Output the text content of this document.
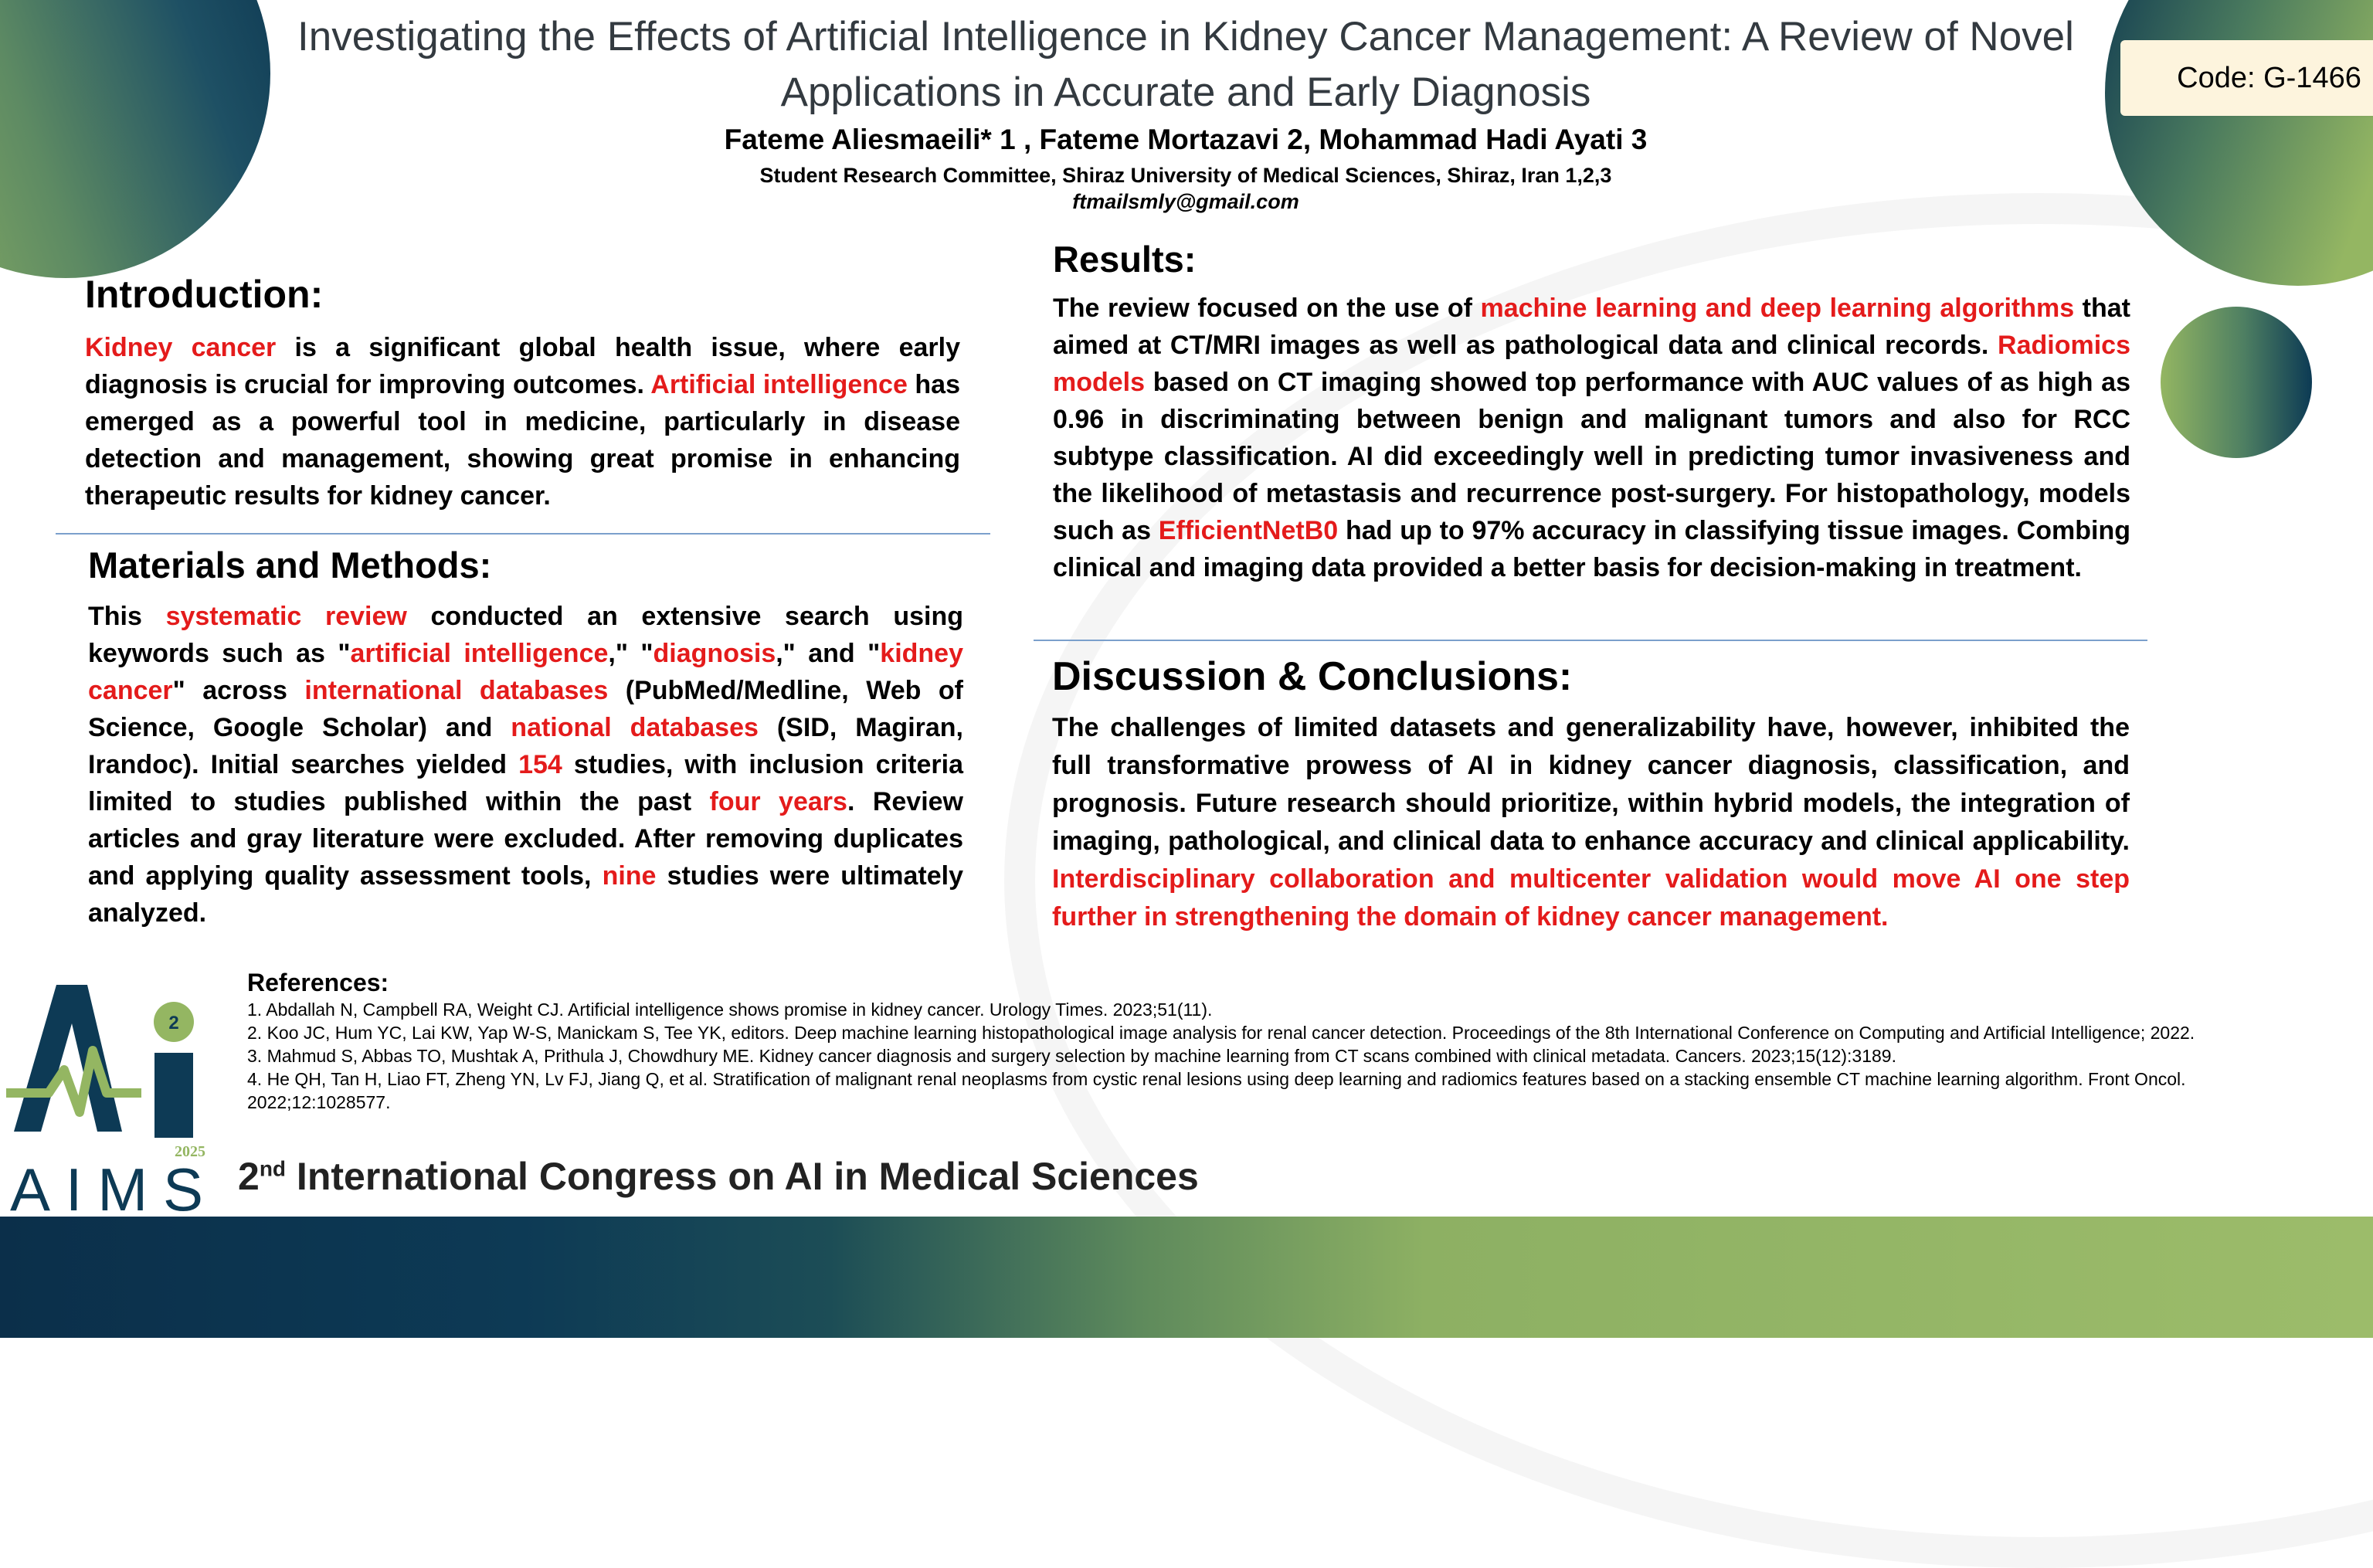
Investigating the Effects of Artificial Intelligence in Kidney Cancer Management: A Review of Novel Applications in Accurate and Early Diagnosis
Fateme Aliesmaeili* 1 , Fateme Mortazavi 2, Mohammad Hadi Ayati 3
Student Research Committee, Shiraz University of Medical Sciences, Shiraz, Iran 1,2,3
ftmailsmly@gmail.com
Code: G-1466
Introduction:
Kidney cancer is a significant global health issue, where early diagnosis is crucial for improving outcomes. Artificial intelligence has emerged as a powerful tool in medicine, particularly in disease detection and management, showing great promise in enhancing therapeutic results for kidney cancer.
Materials and Methods:
This systematic review conducted an extensive search using keywords such as "artificial intelligence," "diagnosis," and "kidney cancer" across international databases (PubMed/Medline, Web of Science, Google Scholar) and national databases (SID, Magiran, Irandoc). Initial searches yielded 154 studies, with inclusion criteria limited to studies published within the past four years. Review articles and gray literature were excluded. After removing duplicates and applying quality assessment tools, nine studies were ultimately analyzed.
Results:
The review focused on the use of machine learning and deep learning algorithms that aimed at CT/MRI images as well as pathological data and clinical records. Radiomics models based on CT imaging showed top performance with AUC values of as high as 0.96 in discriminating between benign and malignant tumors and also for RCC subtype classification. AI did exceedingly well in predicting tumor invasiveness and the likelihood of metastasis and recurrence post-surgery. For histopathology, models such as EfficientNetB0 had up to 97% accuracy in classifying tissue images. Combing clinical and imaging data provided a better basis for decision-making in treatment.
Discussion & Conclusions:
The challenges of limited datasets and generalizability have, however, inhibited the full transformative prowess of AI in kidney cancer diagnosis, classification, and prognosis. Future research should prioritize, within hybrid models, the integration of imaging, pathological, and clinical data to enhance accuracy and clinical applicability. Interdisciplinary collaboration and multicenter validation would move AI one step further in strengthening the domain of kidney cancer management.
References:
1. Abdallah N, Campbell RA, Weight CJ. Artificial intelligence shows promise in kidney cancer. Urology Times. 2023;51(11).
2. Koo JC, Hum YC, Lai KW, Yap W-S, Manickam S, Tee YK, editors. Deep machine learning histopathological image analysis for renal cancer detection. Proceedings of the 8th International Conference on Computing and Artificial Intelligence; 2022.
3. Mahmud S, Abbas TO, Mushtak A, Prithula J, Chowdhury ME. Kidney cancer diagnosis and surgery selection by machine learning from CT scans combined with clinical metadata. Cancers. 2023;15(12):3189.
4. He QH, Tan H, Liao FT, Zheng YN, Lv FJ, Jiang Q, et al. Stratification of malignant renal neoplasms from cystic renal lesions using deep learning and radiomics features based on a stacking ensemble CT machine learning algorithm. Front Oncol. 2022;12:1028577.
2
2025
AIMS 2nd International Congress on AI in Medical Sciences
